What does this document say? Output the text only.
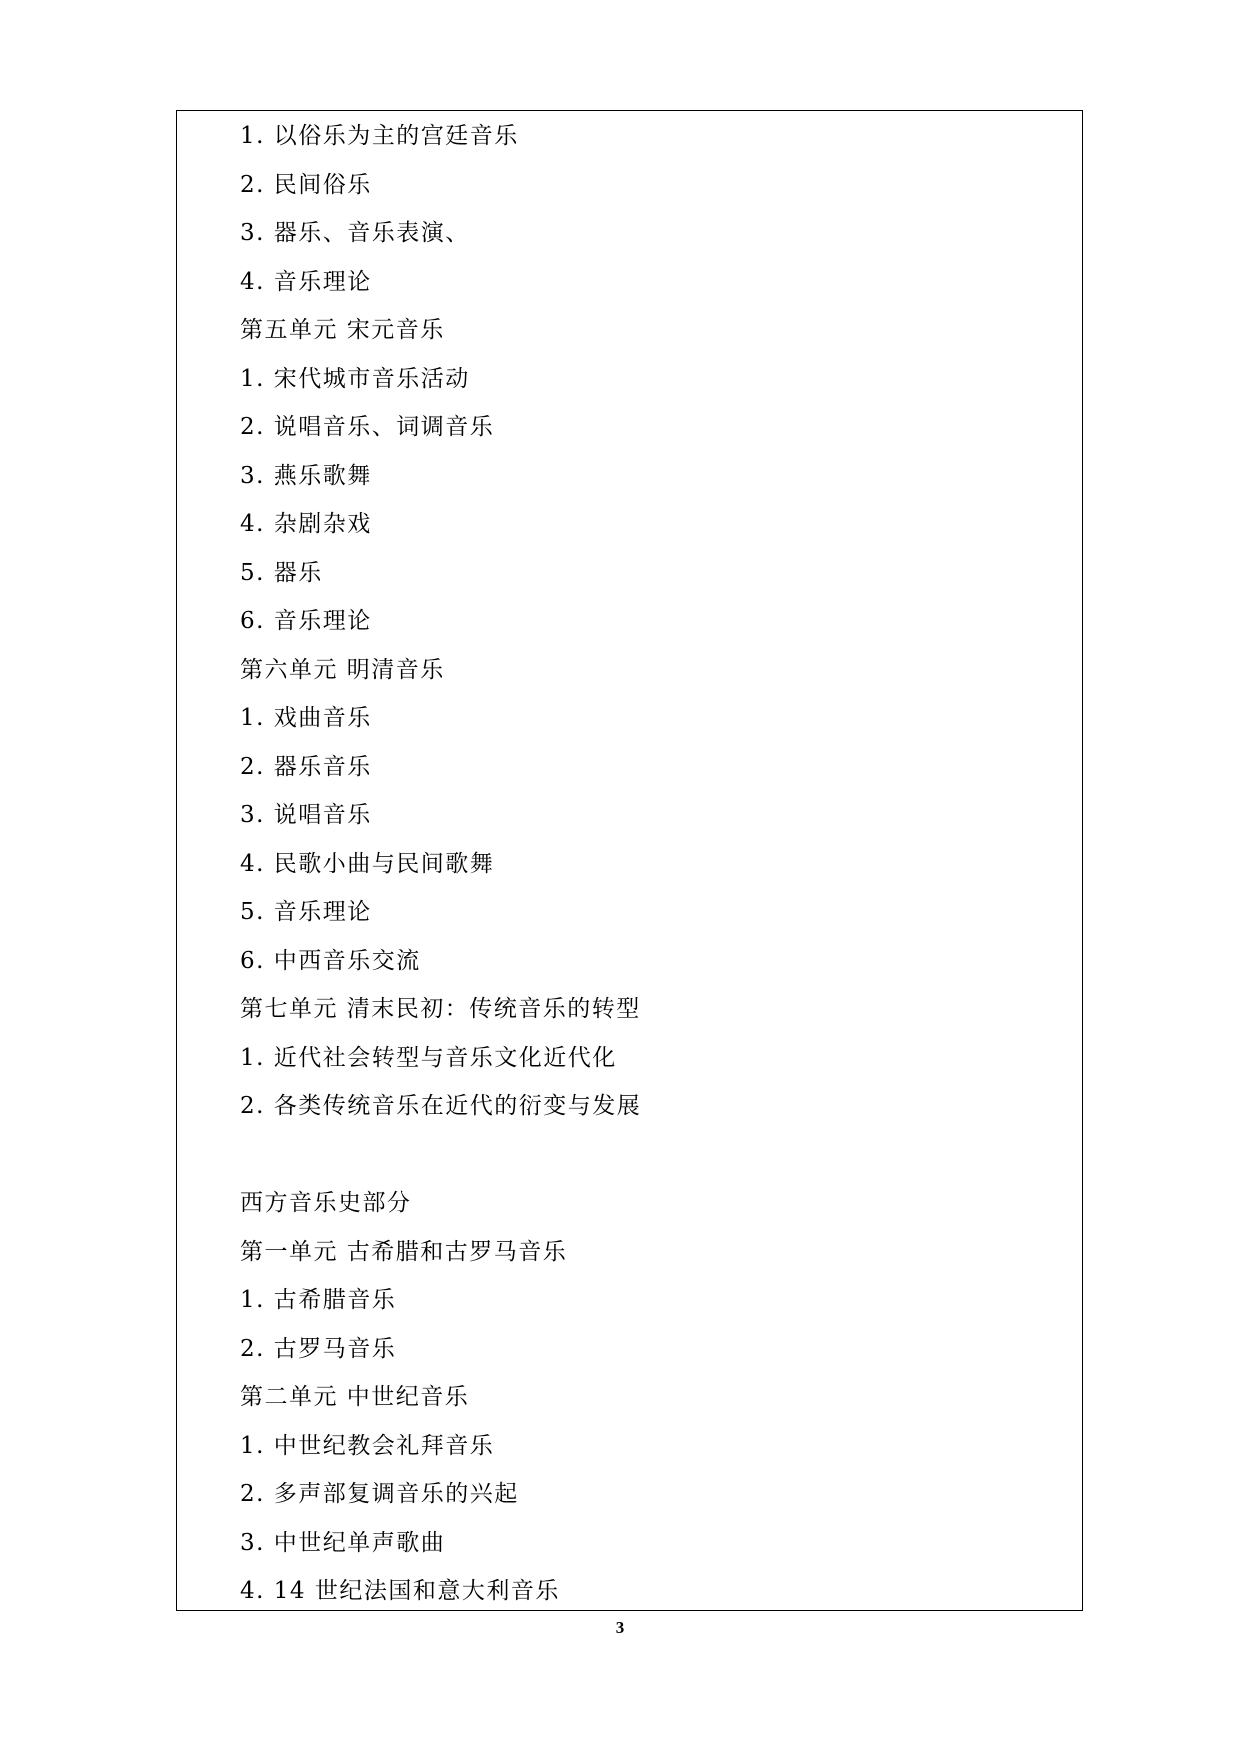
1. 以俗乐为主的宫廷音乐
2. 民间俗乐
3. 器乐、音乐表演、
4. 音乐理论
第五单元 宋元音乐
1. 宋代城市音乐活动
2. 说唱音乐、词调音乐
3. 燕乐歌舞
4. 杂剧杂戏
5. 器乐
6. 音乐理论
第六单元 明清音乐
1. 戏曲音乐
2. 器乐音乐
3. 说唱音乐
4. 民歌小曲与民间歌舞
5. 音乐理论
6. 中西音乐交流
第七单元 清末民初：传统音乐的转型
1. 近代社会转型与音乐文化近代化
2. 各类传统音乐在近代的衍变与发展
西方音乐史部分
第一单元 古希腊和古罗马音乐
1. 古希腊音乐
2. 古罗马音乐
第二单元 中世纪音乐
1. 中世纪教会礼拜音乐
2. 多声部复调音乐的兴起
3. 中世纪单声歌曲
4. 14 世纪法国和意大利音乐
3
